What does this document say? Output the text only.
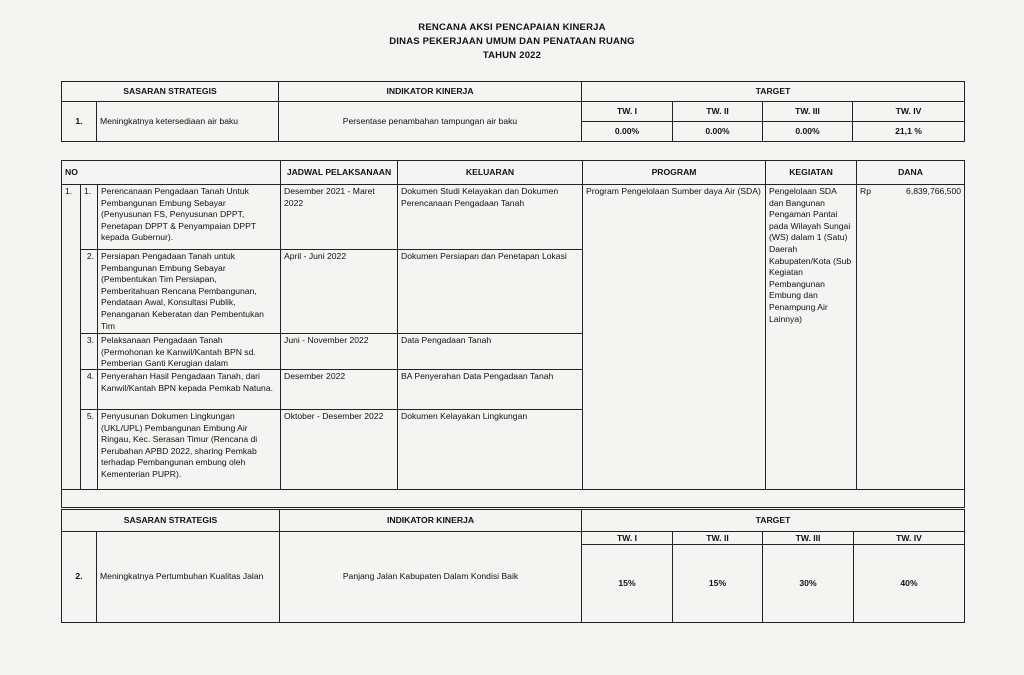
RENCANA AKSI PENCAPAIAN KINERJA
DINAS PEKERJAAN UMUM DAN PENATAAN RUANG
TAHUN 2022
SASARAN STRATEGIS		INDIKATOR KINERJA	TARGET			
1.	Meningkatnya ketersediaan air baku	Persentase penambahan tampungan air baku	TW. I	TW. II	TW. III	TW. IV
			0.00%	0.00%	0.00%	21,1 %
NO			JADWAL PELAKSANAAN	KELUARAN	PROGRAM	KEGIATAN	DANA
1.	1.	Perencanaan Pengadaan Tanah Untuk Pembangunan Embung Sebayar (Penyusunan FS, Penyusunan DPPT, Penetapan DPPT & Penyampaian DPPT kepada Gubernur).	Desember 2021 - Maret 2022	Dokumen Studi Kelayakan dan Dokumen Perencanaan Pengadaan Tanah	Program Pengelolaan Sumber daya Air (SDA)	Pengelolaan SDA dan Bangunan Pengaman Pantai pada Wilayah Sungai (WS) dalam 1 (Satu) Daerah Kabupaten/Kota (Sub Kegiatan Pembangunan Embung dan Penampung Air Lainnya)	Rp 6,839,766,500

	2.	Persiapan Pengadaan Tanah untuk Pembangunan Embung Sebayar (Pembentukan Tim Persiapan, Pemberitahuan Rencana Pembangunan, Pendataan Awal, Konsultasi Publik, Penanganan Keberatan dan Pembentukan Tim	April - Juni 2022	Dokumen Persiapan dan Penetapan Lokasi			
	3.	Pelaksanaan Pengadaan Tanah (Permohonan ke Kanwil/Kantah BPN sd. Pemberian Ganti Kerugian dalam	Juni - November 2022	Data Pengadaan Tanah			
	4.	Penyerahan Hasil Pengadaan Tanah, dari Kanwil/Kantah BPN kepada Pemkab Natuna.	Desember 2022	BA Penyerahan Data Pengadaan Tanah			
	5.	Penyusunan Dokumen Lingkungan (UKL/UPL) Pembangunan Embung Air Ringau, Kec. Serasan Timur (Rencana di Perubahan APBD 2022, sharing Pemkab terhadap Pembangunan embung oleh Kementerian PUPR).	Oktober - Desember 2022	Dokumen Kelayakan Lingkungan			

SASARAN STRATEGIS		INDIKATOR KINERJA	TARGET			
2.	Meningkatnya Pertumbuhan Kualitas Jalan	Panjang Jalan Kabupaten Dalam Kondisi Baik	TW. I	TW. II	TW. III	TW. IV
			15%	15%	30%	40%
